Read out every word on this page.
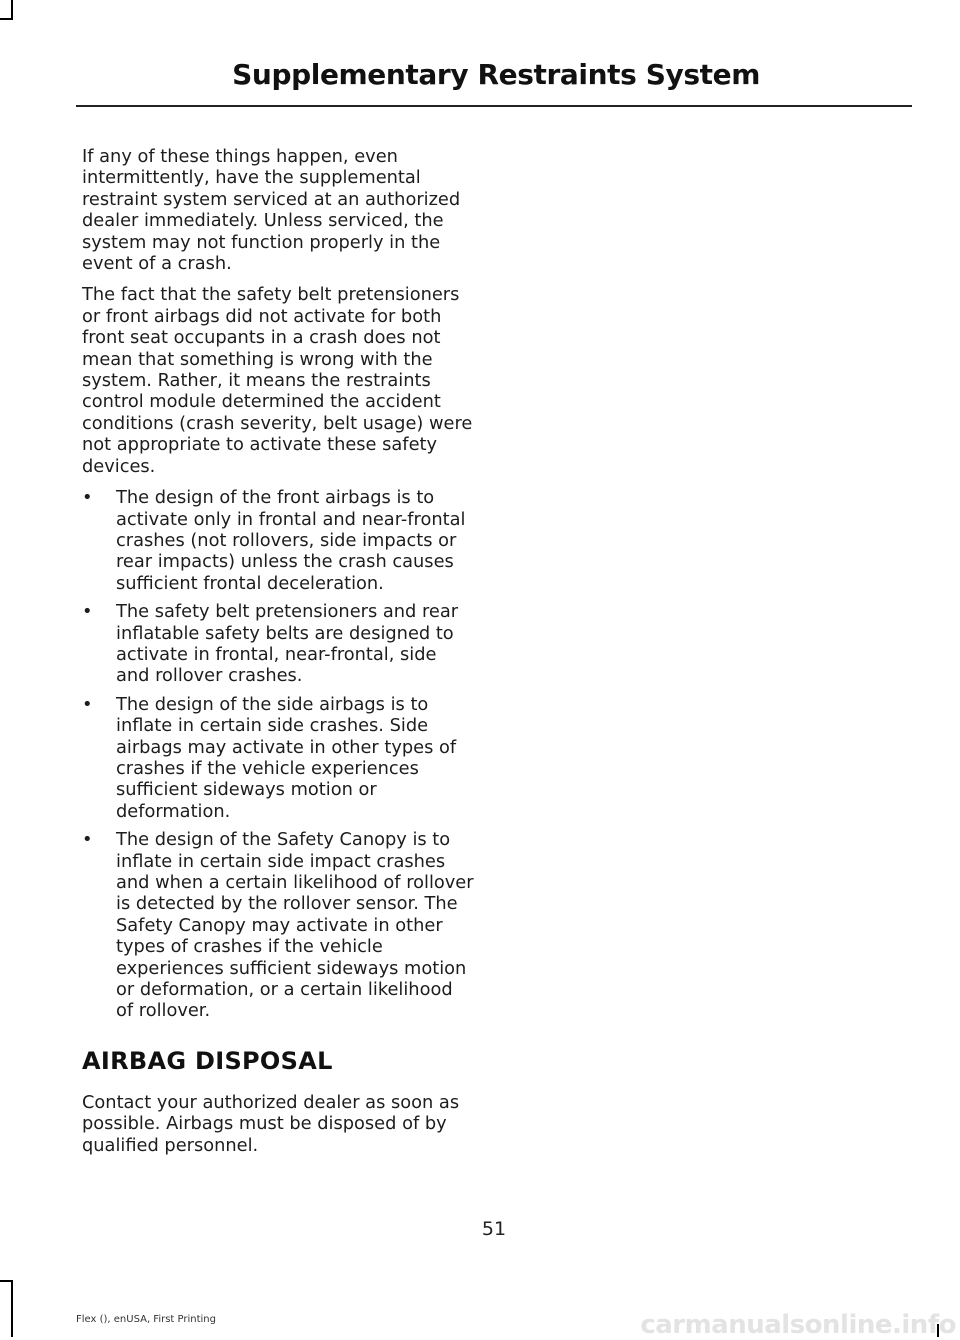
Supplementary Restraints System

If any of these things happen, even intermittently, have the supplemental restraint system serviced at an authorized dealer immediately. Unless serviced, the system may not function properly in the event of a crash.

The fact that the safety belt pretensioners or front airbags did not activate for both front seat occupants in a crash does not mean that something is wrong with the system. Rather, it means the restraints control module determined the accident conditions (crash severity, belt usage) were not appropriate to activate these safety devices.

• The design of the front airbags is to activate only in frontal and near-frontal crashes (not rollovers, side impacts or rear impacts) unless the crash causes sufficient frontal deceleration.
• The safety belt pretensioners and rear inflatable safety belts are designed to activate in frontal, near-frontal, side and rollover crashes.
• The design of the side airbags is to inflate in certain side crashes. Side airbags may activate in other types of crashes if the vehicle experiences sufficient sideways motion or deformation.
• The design of the Safety Canopy is to inflate in certain side impact crashes and when a certain likelihood of rollover is detected by the rollover sensor. The Safety Canopy may activate in other types of crashes if the vehicle experiences sufficient sideways motion or deformation, or a certain likelihood of rollover.
AIRBAG DISPOSAL

Contact your authorized dealer as soon as possible. Airbags must be disposed of by qualified personnel.

51
Flex (), enUSA, First Printing	carmanualsonline.info
